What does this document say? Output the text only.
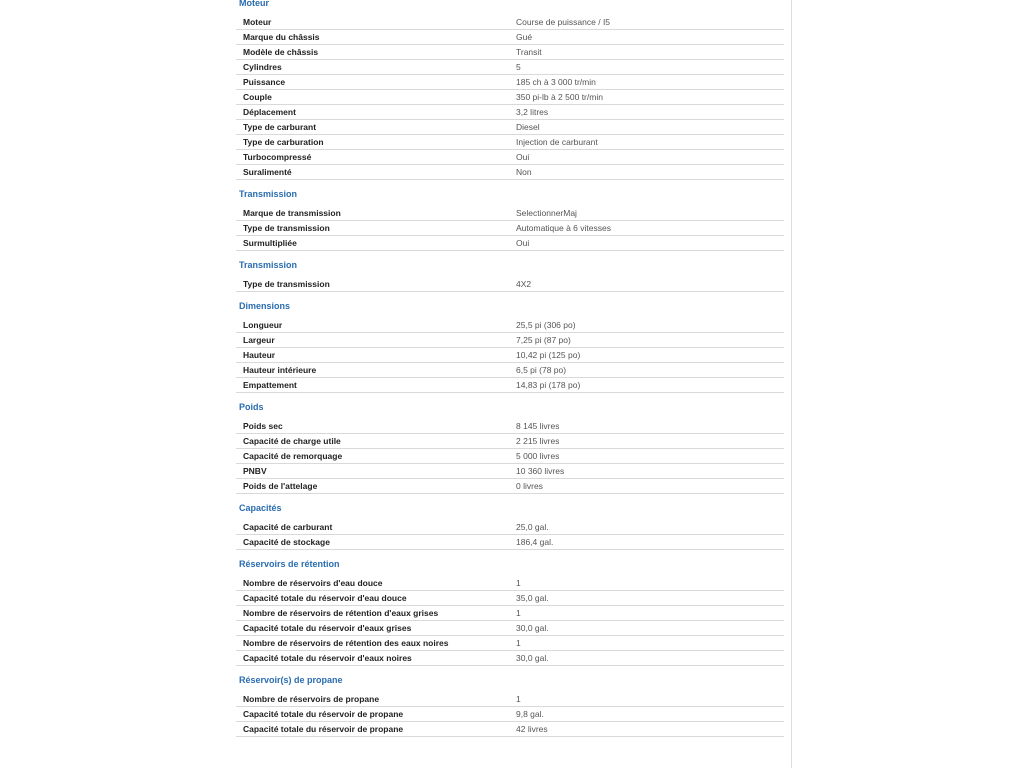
Moteur
Moteur	Course de puissance / I5
Marque du châssis	Gué
Modèle de châssis	Transit
Cylindres	5
Puissance	185 ch à 3 000 tr/min
Couple	350 pi-lb à 2 500 tr/min
Déplacement	3,2 litres
Type de carburant	Diesel
Type de carburation	Injection de carburant
Turbocompressé	Oui
Suralimenté	Non
Transmission
Marque de transmission	SelectionnerMaj
Type de transmission	Automatique à 6 vitesses
Surmultipliée	Oui
Transmission
Type de transmission	4X2
Dimensions
Longueur	25,5 pi (306 po)
Largeur	7,25 pi (87 po)
Hauteur	10,42 pi (125 po)
Hauteur intérieure	6,5 pi (78 po)
Empattement	14,83 pi (178 po)
Poids
Poids sec	8 145 livres
Capacité de charge utile	2 215 livres
Capacité de remorquage	5 000 livres
PNBV	10 360 livres
Poids de l'attelage	0 livres
Capacités
Capacité de carburant	25,0 gal.
Capacité de stockage	186,4 gal.
Réservoirs de rétention
Nombre de réservoirs d'eau douce	1
Capacité totale du réservoir d'eau douce	35,0 gal.
Nombre de réservoirs de rétention d'eaux grises	1
Capacité totale du réservoir d'eaux grises	30,0 gal.
Nombre de réservoirs de rétention des eaux noires	1
Capacité totale du réservoir d'eaux noires	30,0 gal.
Réservoir(s) de propane
Nombre de réservoirs de propane	1
Capacité totale du réservoir de propane	9,8 gal.
Capacité totale du réservoir de propane	42 livres
